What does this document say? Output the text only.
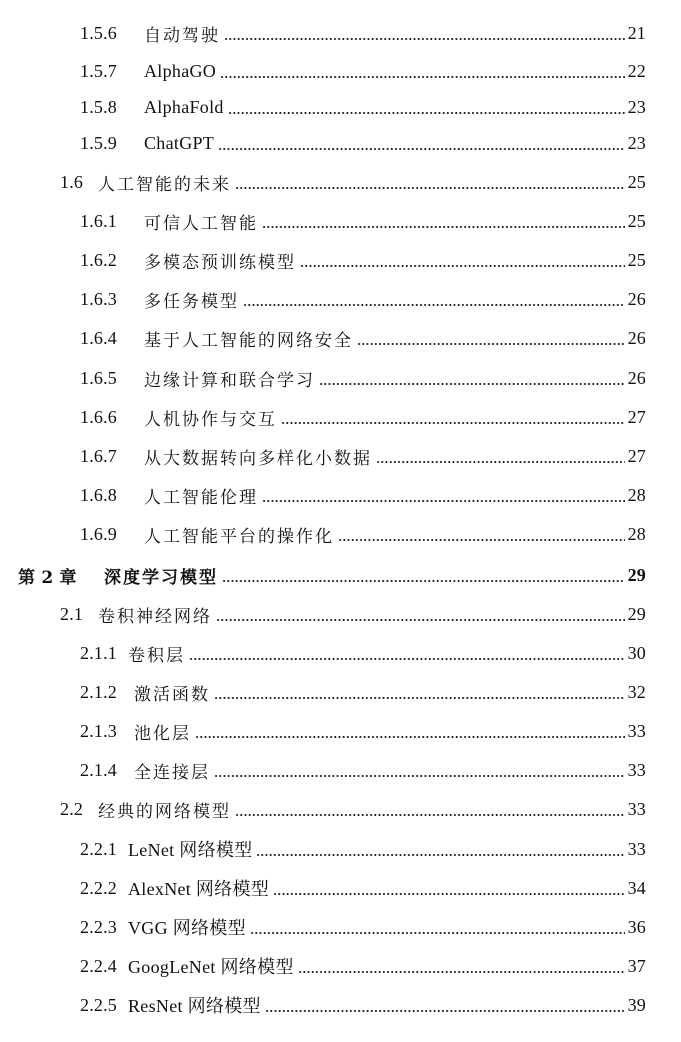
1.5.6	自动驾驶	21
1.5.7	AlphaGO	22
1.5.8	AlphaFold	23
1.5.9	ChatGPT	23
1.6 人工智能的未来	25
1.6.1	可信人工智能	25
1.6.2	多模态预训练模型	25
1.6.3	多任务模型	26
1.6.4	基于人工智能的网络安全	26
1.6.5	边缘计算和联合学习	26
1.6.6	人机协作与交互	27
1.6.7	从大数据转向多样化小数据	27
1.6.8	人工智能伦理	28
1.6.9	人工智能平台的操作化	28
第 2 章	深度学习模型	29
2.1 卷积神经网络	29
2.1.1 卷积层	30
2.1.2	激活函数	32
2.1.3	池化层	33
2.1.4	全连接层	33
2.2 经典的网络模型	33
2.2.1 LeNet 网络模型	33
2.2.2 AlexNet 网络模型	34
2.2.3 VGG 网络模型	36
2.2.4 GoogLeNet 网络模型	37
2.2.5 ResNet 网络模型	39
